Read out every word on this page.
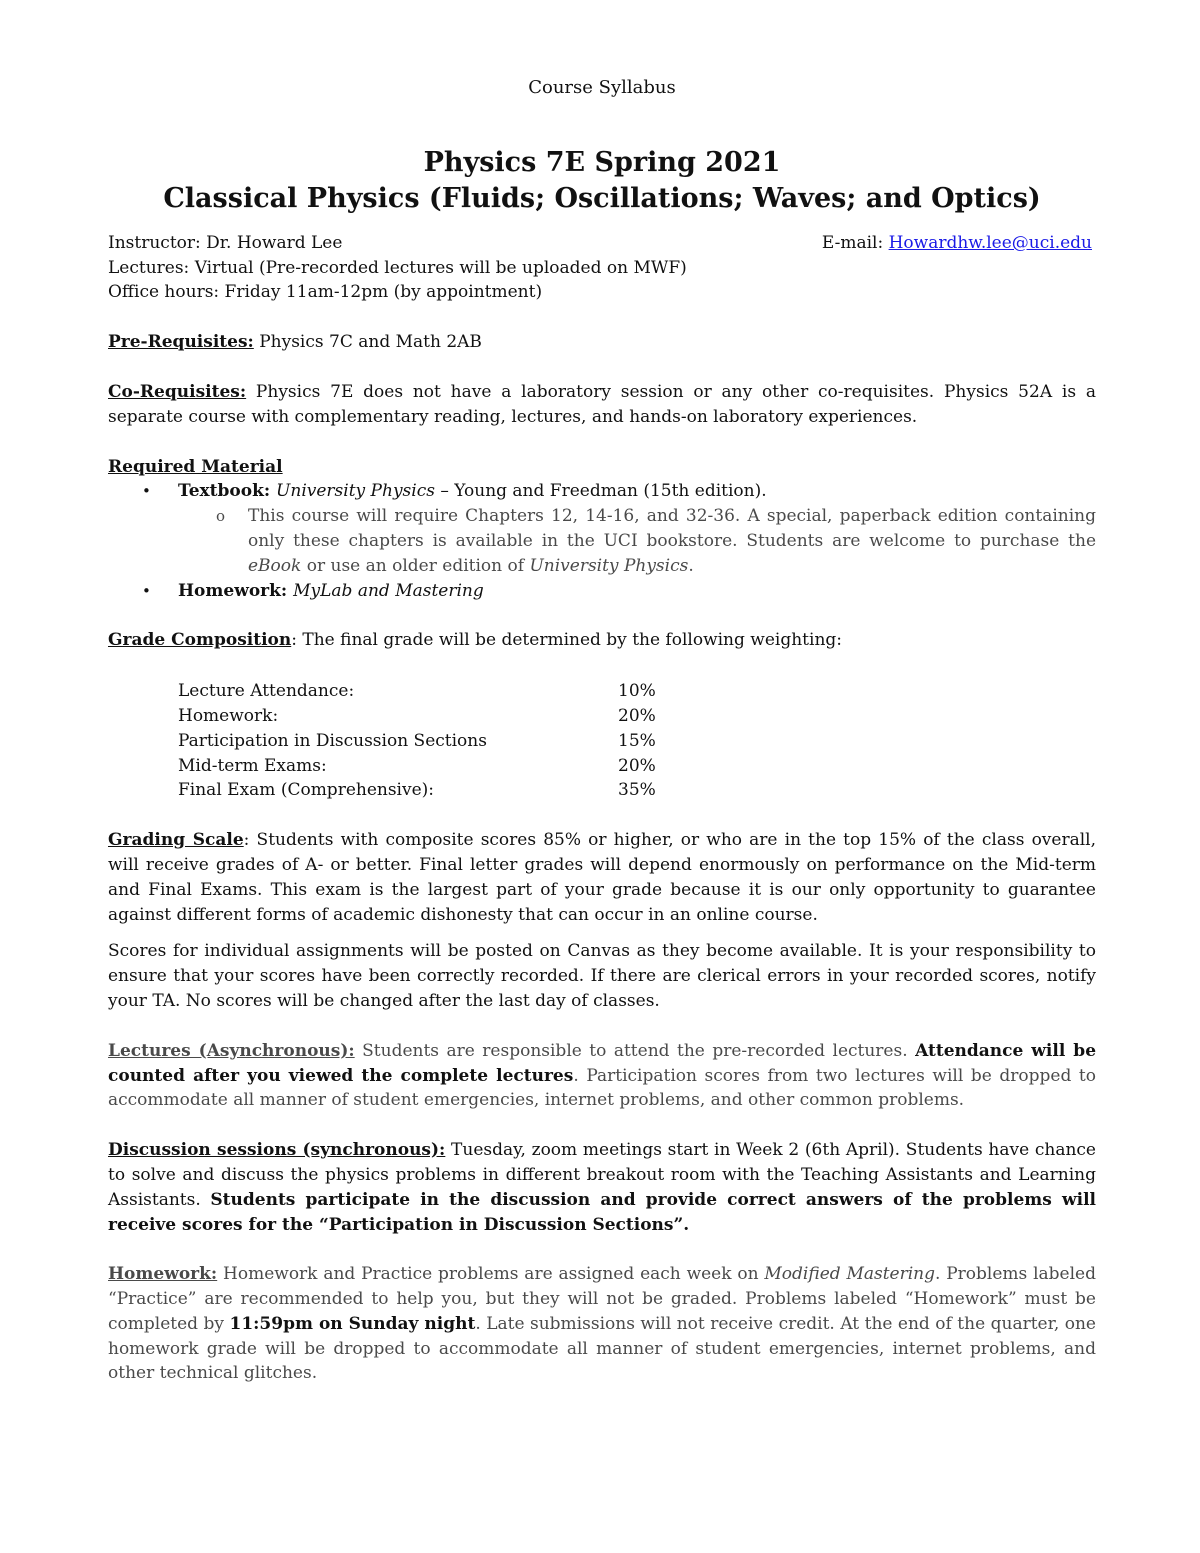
Course Syllabus
Physics 7E Spring 2021
Classical Physics (Fluids; Oscillations; Waves; and Optics)
Instructor: Dr. Howard Lee	E-mail: Howardhw.lee@uci.edu
Lectures: Virtual (Pre-recorded lectures will be uploaded on MWF)
Office hours: Friday 11am-12pm (by appointment)
Pre-Requisites: Physics 7C and Math 2AB
Co-Requisites: Physics 7E does not have a laboratory session or any other co-requisites. Physics 52A is a separate course with complementary reading, lectures, and hands-on laboratory experiences.
Required Material
• Textbook: University Physics – Young and Freedman (15th edition).
o This course will require Chapters 12, 14-16, and 32-36. A special, paperback edition containing only these chapters is available in the UCI bookstore. Students are welcome to purchase the eBook or use an older edition of University Physics.
• Homework: MyLab and Mastering
Grade Composition: The final grade will be determined by the following weighting:
Lecture Attendance:	10%
Homework:	20%
Participation in Discussion Sections	15%
Mid-term Exams:	20%
Final Exam (Comprehensive):	35%
Grading Scale: Students with composite scores 85% or higher, or who are in the top 15% of the class overall, will receive grades of A- or better. Final letter grades will depend enormously on performance on the Mid-term and Final Exams. This exam is the largest part of your grade because it is our only opportunity to guarantee against different forms of academic dishonesty that can occur in an online course.
Scores for individual assignments will be posted on Canvas as they become available. It is your responsibility to ensure that your scores have been correctly recorded. If there are clerical errors in your recorded scores, notify your TA. No scores will be changed after the last day of classes.
Lectures (Asynchronous): Students are responsible to attend the pre-recorded lectures. Attendance will be counted after you viewed the complete lectures. Participation scores from two lectures will be dropped to accommodate all manner of student emergencies, internet problems, and other common problems.
Discussion sessions (synchronous): Tuesday, zoom meetings start in Week 2 (6th April). Students have chance to solve and discuss the physics problems in different breakout room with the Teaching Assistants and Learning Assistants. Students participate in the discussion and provide correct answers of the problems will receive scores for the “Participation in Discussion Sections”.
Homework: Homework and Practice problems are assigned each week on Modified Mastering. Problems labeled “Practice” are recommended to help you, but they will not be graded. Problems labeled “Homework” must be completed by 11:59pm on Sunday night. Late submissions will not receive credit. At the end of the quarter, one homework grade will be dropped to accommodate all manner of student emergencies, internet problems, and other technical glitches.
